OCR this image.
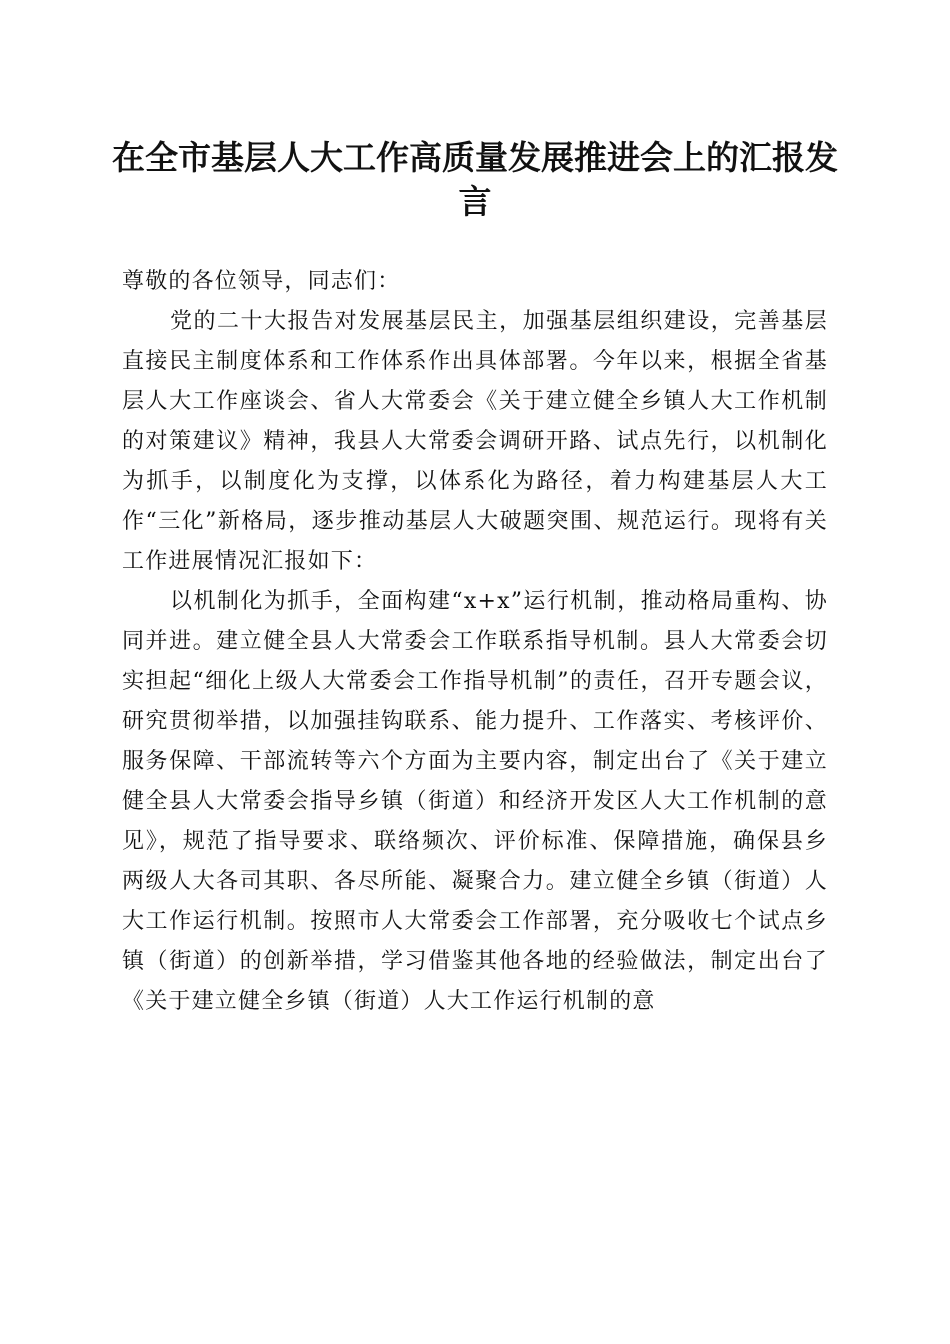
在全市基层人大工作高质量发展推进会上的汇报发言

尊敬的各位领导，同志们：

党的二十大报告对发展基层民主，加强基层组织建设，完善基层直接民主制度体系和工作体系作出具体部署。今年以来，根据全省基层人大工作座谈会、省人大常委会《关于建立健全乡镇人大工作机制的对策建议》精神，我县人大常委会调研开路、试点先行，以机制化为抓手，以制度化为支撑，以体系化为路径，着力构建基层人大工作“三化”新格局，逐步推动基层人大破题突围、规范运行。现将有关工作进展情况汇报如下：

以机制化为抓手，全面构建“x+x”运行机制，推动格局重构、协同并进。建立健全县人大常委会工作联系指导机制。县人大常委会切实担起“细化上级人大常委会工作指导机制”的责任，召开专题会议，研究贯彻举措，以加强挂钩联系、能力提升、工作落实、考核评价、服务保障、干部流转等六个方面为主要内容，制定出台了《关于建立健全县人大常委会指导乡镇（街道）和经济开发区人大工作机制的意见》，规范了指导要求、联络频次、评价标准、保障措施，确保县乡两级人大各司其职、各尽所能、凝聚合力。建立健全乡镇（街道）人大工作运行机制。按照市人大常委会工作部署，充分吸收七个试点乡镇（街道）的创新举措，学习借鉴其他各地的经验做法，制定出台了《关于建立健全乡镇（街道）人大工作运行机制的意
